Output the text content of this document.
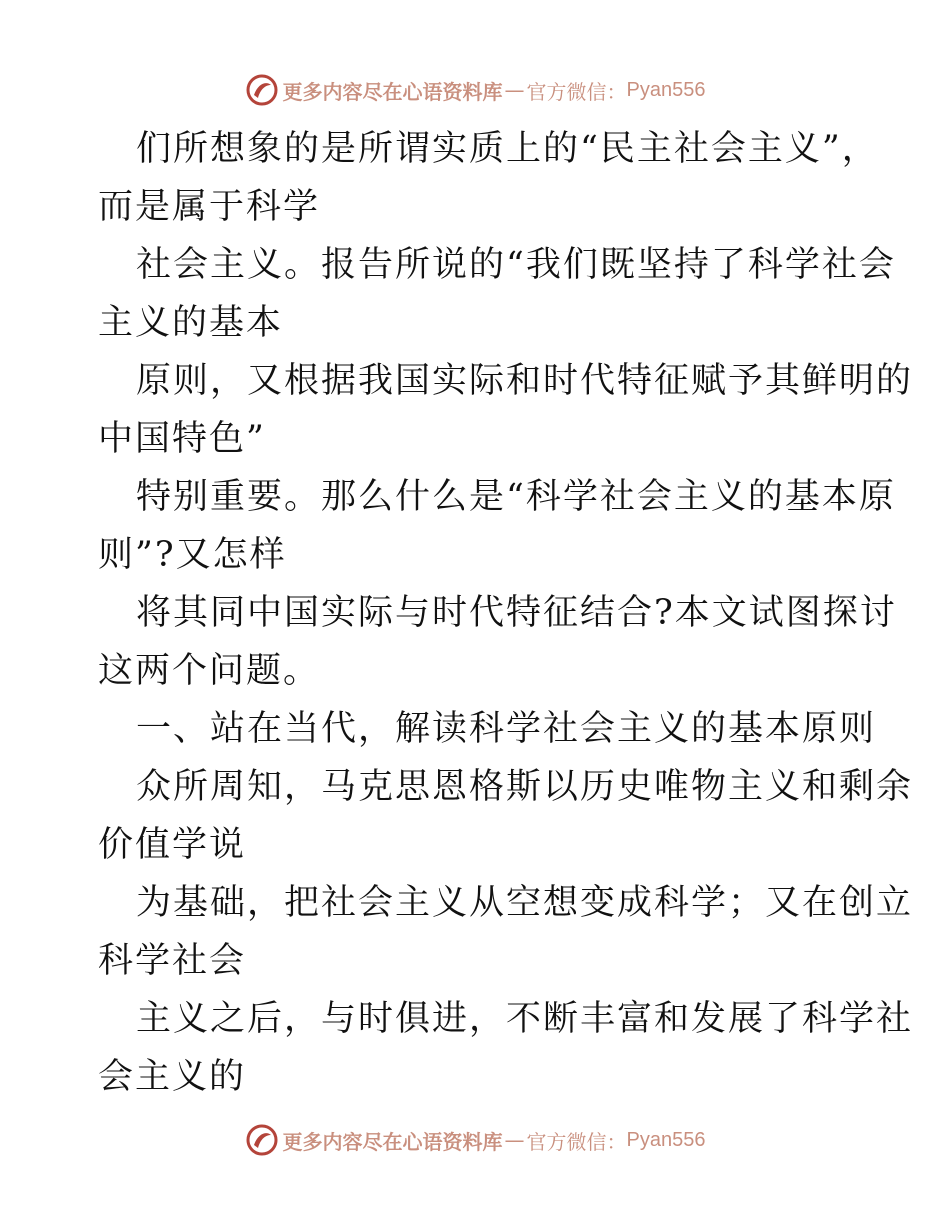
更多内容尽在心语资料库 — 官方微信： Pyan556
们所想象的是所谓实质上的“民主社会主义”，
而是属于科学
社会主义。报告所说的“我们既坚持了科学社会
主义的基本
原则，又根据我国实际和时代特征赋予其鲜明的
中国特色”
特别重要。那么什么是“科学社会主义的基本原
则”?又怎样
将其同中国实际与时代特征结合?本文试图探讨
这两个问题。
一、站在当代，解读科学社会主义的基本原则
众所周知，马克思恩格斯以历史唯物主义和剩余
价值学说
为基础，把社会主义从空想变成科学；又在创立
科学社会
主义之后，与时俱进，不断丰富和发展了科学社
会主义的
更多内容尽在心语资料库 — 官方微信： Pyan556
